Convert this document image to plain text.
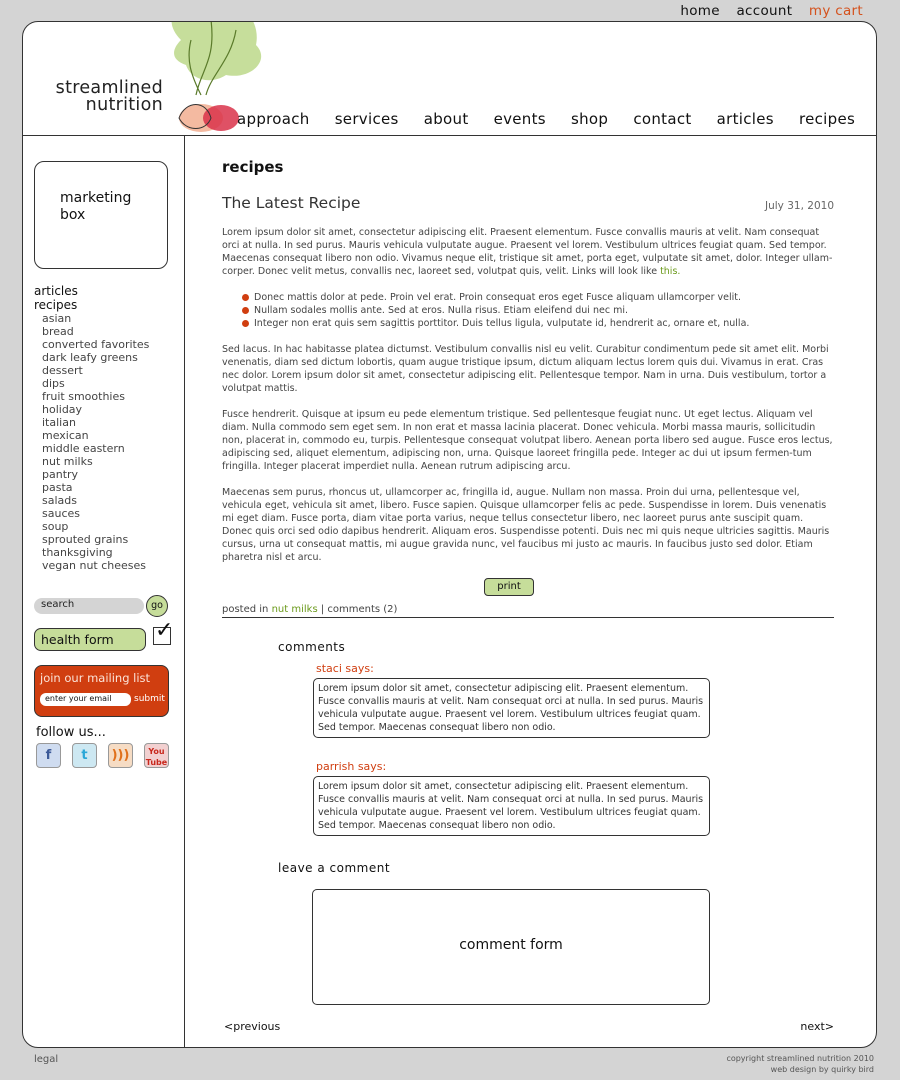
home account my cart
streamlined
nutrition
approach services about events shop contact articles recipes
marketing box
articles
recipes
asian
bread
converted favorites
dark leafy greens
dessert
dips
fruit smoothies
holiday
italian
mexican
middle eastern
nut milks
pantry
pasta
salads
sauces
soup
sprouted grains
thanksgiving
vegan nut cheeses
search	go
health form
✓
join our mailing list
enter your email	submit
follow us...
f	t	)))	You
Tube
recipes
The Latest Recipe	July 31, 2010

Lorem ipsum dolor sit amet, consectetur adipiscing elit. Praesent elementum. Fusce convallis mauris at velit. Nam consequat orci at nulla. In sed purus. Mauris vehicula vulputate augue. Praesent vel lorem. Vestibulum ultrices feugiat quam. Sed tempor. Maecenas consequat libero non odio. Vivamus neque elit, tristique sit amet, porta eget, vulputate sit amet, dolor. Integer ullam-corper. Donec velit metus, convallis nec, laoreet sed, volutpat quis, velit. Links will look like this.

Donec mattis dolor at pede. Proin vel erat. Proin consequat eros eget Fusce aliquam ullamcorper velit.
Nullam sodales mollis ante. Sed at eros. Nulla risus. Etiam eleifend dui nec mi.
Integer non erat quis sem sagittis porttitor. Duis tellus ligula, vulputate id, hendrerit ac, ornare et, nulla.

Sed lacus. In hac habitasse platea dictumst. Vestibulum convallis nisl eu velit. Curabitur condimentum pede sit amet elit. Morbi venenatis, diam sed dictum lobortis, quam augue tristique ipsum, dictum aliquam lectus lorem quis dui. Vivamus in erat. Cras nec dolor. Lorem ipsum dolor sit amet, consectetur adipiscing elit. Pellentesque tempor. Nam in urna. Duis vestibulum, tortor a volutpat mattis.

Fusce hendrerit. Quisque at ipsum eu pede elementum tristique. Sed pellentesque feugiat nunc. Ut eget lectus. Aliquam vel diam. Nulla commodo sem eget sem. In non erat et massa lacinia placerat. Donec vehicula. Morbi massa mauris, sollicitudin non, placerat in, commodo eu, turpis. Pellentesque consequat volutpat libero. Aenean porta libero sed augue. Fusce eros lectus, adipiscing sed, aliquet elementum, adipiscing non, urna. Quisque laoreet fringilla pede. Integer ac dui ut ipsum fermen-tum fringilla. Integer placerat imperdiet nulla. Aenean rutrum adipiscing arcu.

Maecenas sem purus, rhoncus ut, ullamcorper ac, fringilla id, augue. Nullam non massa. Proin dui urna, pellentesque vel, vehicula eget, vehicula sit amet, libero. Fusce sapien. Quisque ullamcorper felis ac pede. Suspendisse in lorem. Duis venenatis mi eget diam. Fusce porta, diam vitae porta varius, neque tellus consectetur libero, nec laoreet purus ante suscipit quam. Donec quis orci sed odio dapibus hendrerit. Aliquam eros. Suspendisse potenti. Duis nec mi quis neque ultricies sagittis. Mauris cursus, urna ut consequat mattis, mi augue gravida nunc, vel faucibus mi justo ac mauris. In faucibus justo sed dolor. Etiam pharetra nisl et arcu.

print
posted in nut milks | comments (2)
comments
staci says:
Lorem ipsum dolor sit amet, consectetur adipiscing elit. Praesent elementum. Fusce convallis mauris at velit. Nam consequat orci at nulla. In sed purus. Mauris vehicula vulputate augue. Praesent vel lorem. Vestibulum ultrices feugiat quam. Sed tempor. Maecenas consequat libero non odio.
parrish says:
Lorem ipsum dolor sit amet, consectetur adipiscing elit. Praesent elementum. Fusce convallis mauris at velit. Nam consequat orci at nulla. In sed purus. Mauris vehicula vulputate augue. Praesent vel lorem. Vestibulum ultrices feugiat quam. Sed tempor. Maecenas consequat libero non odio.
leave a comment
comment form
<previous	next>
legal	copyright streamlined nutrition 2010
web design by quirky bird
